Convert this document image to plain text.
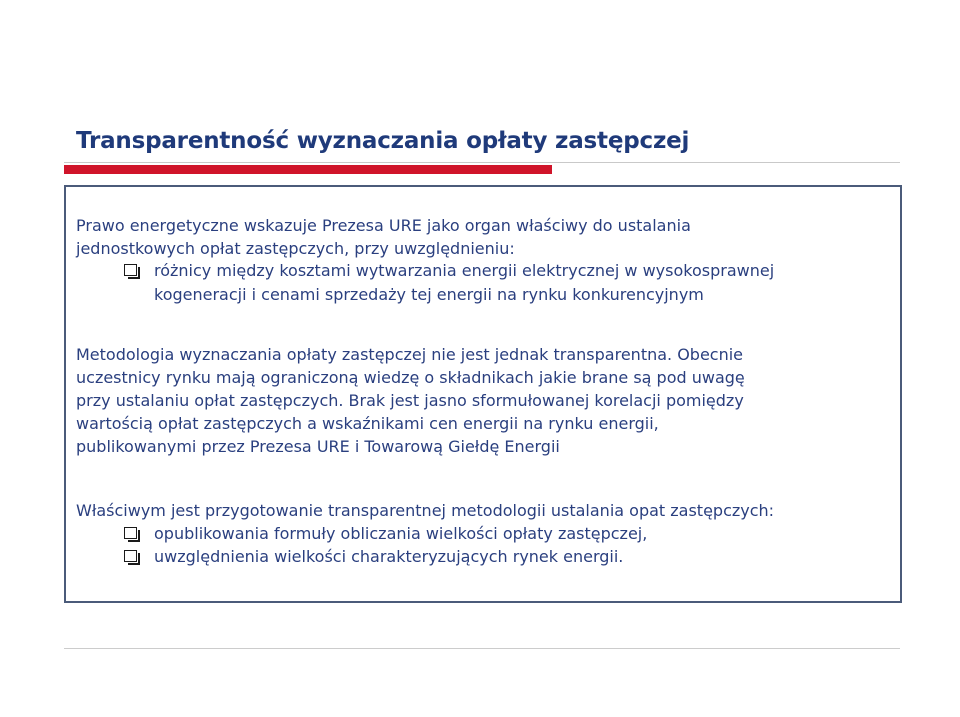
Transparentność wyznaczania opłaty zastępczej

Prawo energetyczne wskazuje Prezesa URE jako organ właściwy do ustalania

jednostkowych opłat zastępczych, przy uwzględnieniu:

różnicy między kosztami wytwarzania energii elektrycznej w wysokosprawnej

kogeneracji i cenami sprzedaży tej energii na rynku konkurencyjnym

Metodologia wyznaczania opłaty zastępczej nie jest jednak transparentna. Obecnie

uczestnicy rynku mają ograniczoną wiedzę o składnikach jakie brane są pod uwagę

przy ustalaniu opłat zastępczych. Brak jest jasno sformułowanej korelacji pomiędzy

wartością opłat zastępczych a wskaźnikami cen energii na rynku energii,

publikowanymi przez Prezesa URE i Towarową Giełdę Energii

Właściwym jest przygotowanie transparentnej metodologii ustalania opat zastępczych:

opublikowania formuły obliczania wielkości opłaty zastępczej,

uwzględnienia wielkości charakteryzujących rynek energii.
